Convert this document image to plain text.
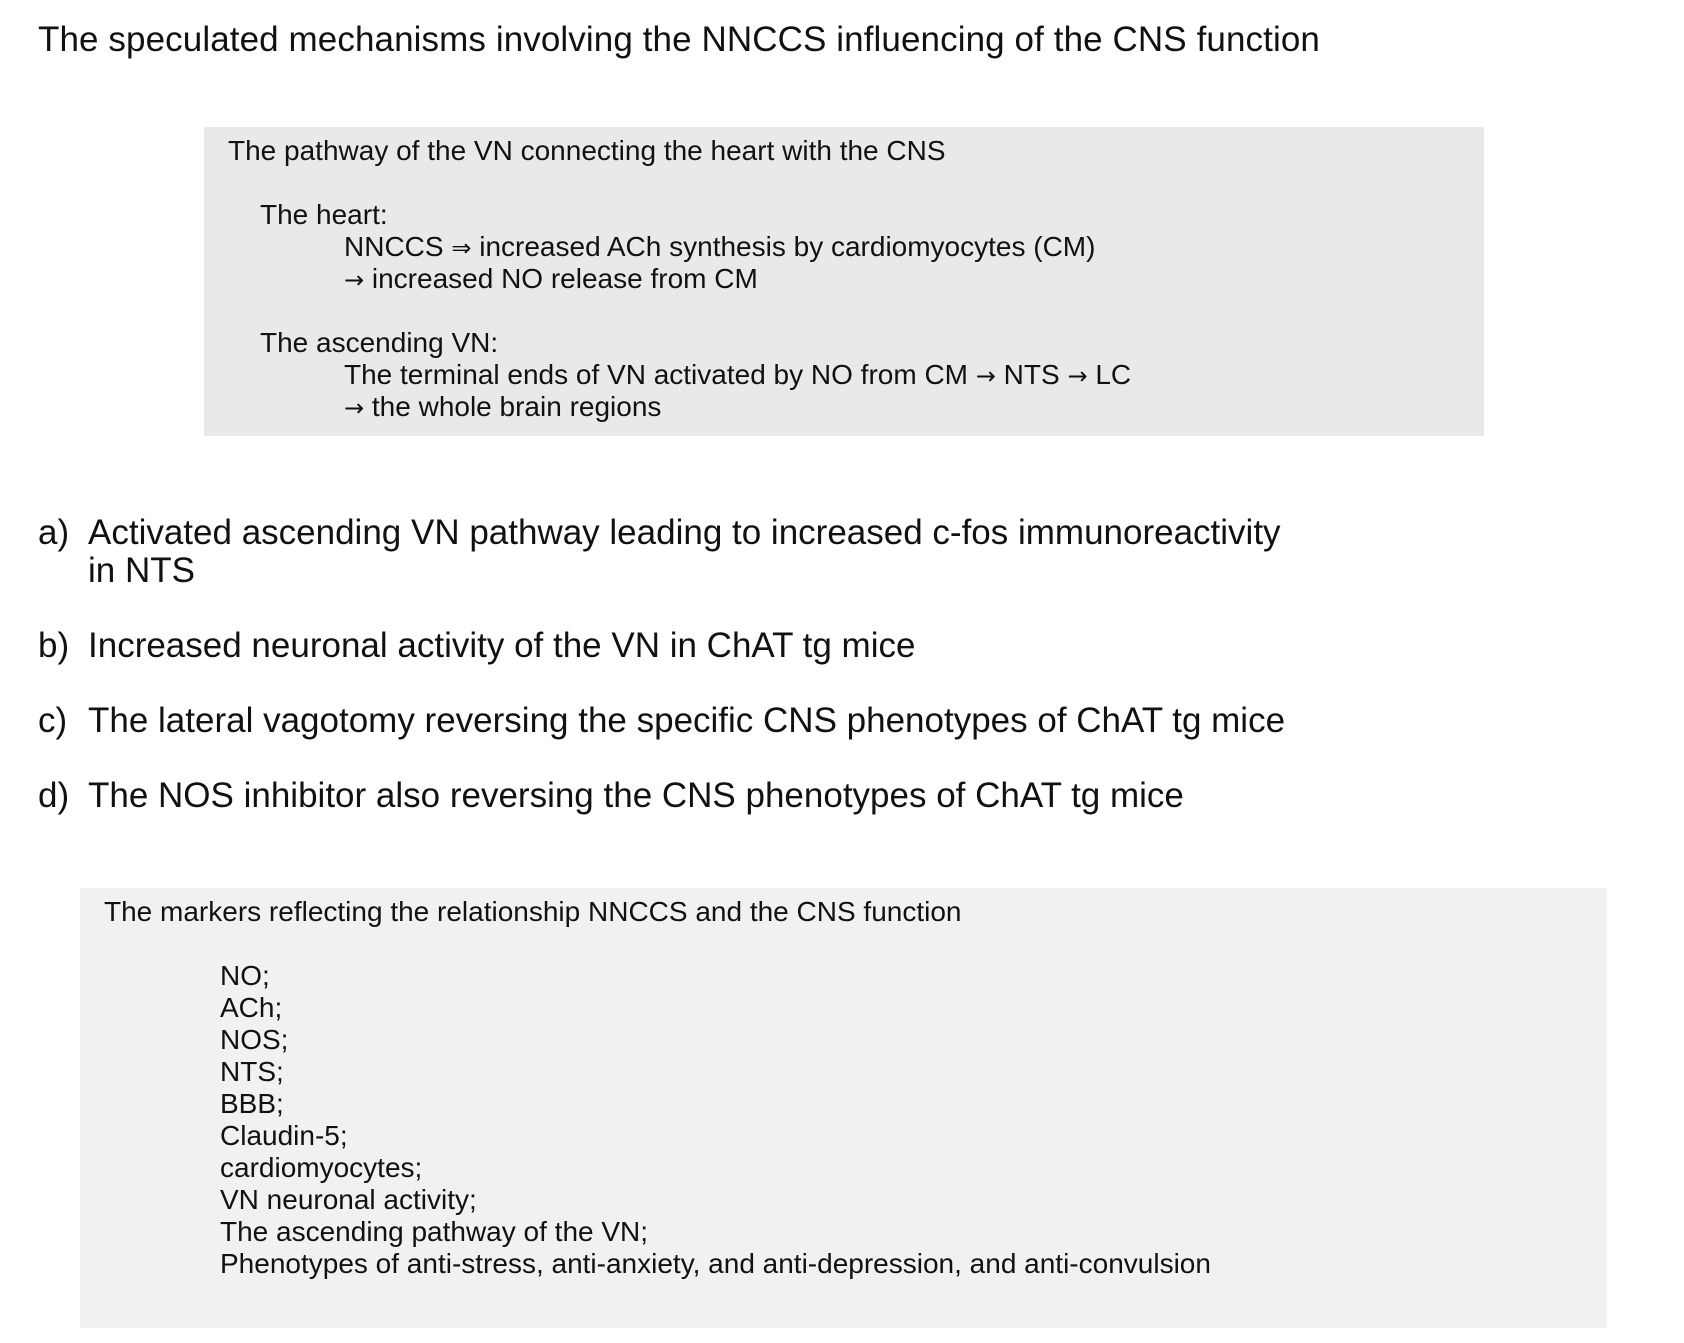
The speculated mechanisms involving the NNCCS influencing of the CNS function
The pathway of the VN connecting the heart with the CNS
The heart:
NNCCS ⇒ increased ACh synthesis by cardiomyocytes (CM)
→ increased NO release from CM
The ascending VN:
The terminal ends of VN activated by NO from CM → NTS → LC
→ the whole brain regions
a) Activated ascending VN pathway leading to increased c-fos immunoreactivity
in NTS
b) Increased neuronal activity of the VN in ChAT tg mice
c) The lateral vagotomy reversing the specific CNS phenotypes of ChAT tg mice
d) The NOS inhibitor also reversing the CNS phenotypes of ChAT tg mice
The markers reflecting the relationship NNCCS and the CNS function
NO;
ACh;
NOS;
NTS;
BBB;
Claudin-5;
cardiomyocytes;
VN neuronal activity;
The ascending pathway of the VN;
Phenotypes of anti-stress, anti-anxiety, and anti-depression, and anti-convulsion
